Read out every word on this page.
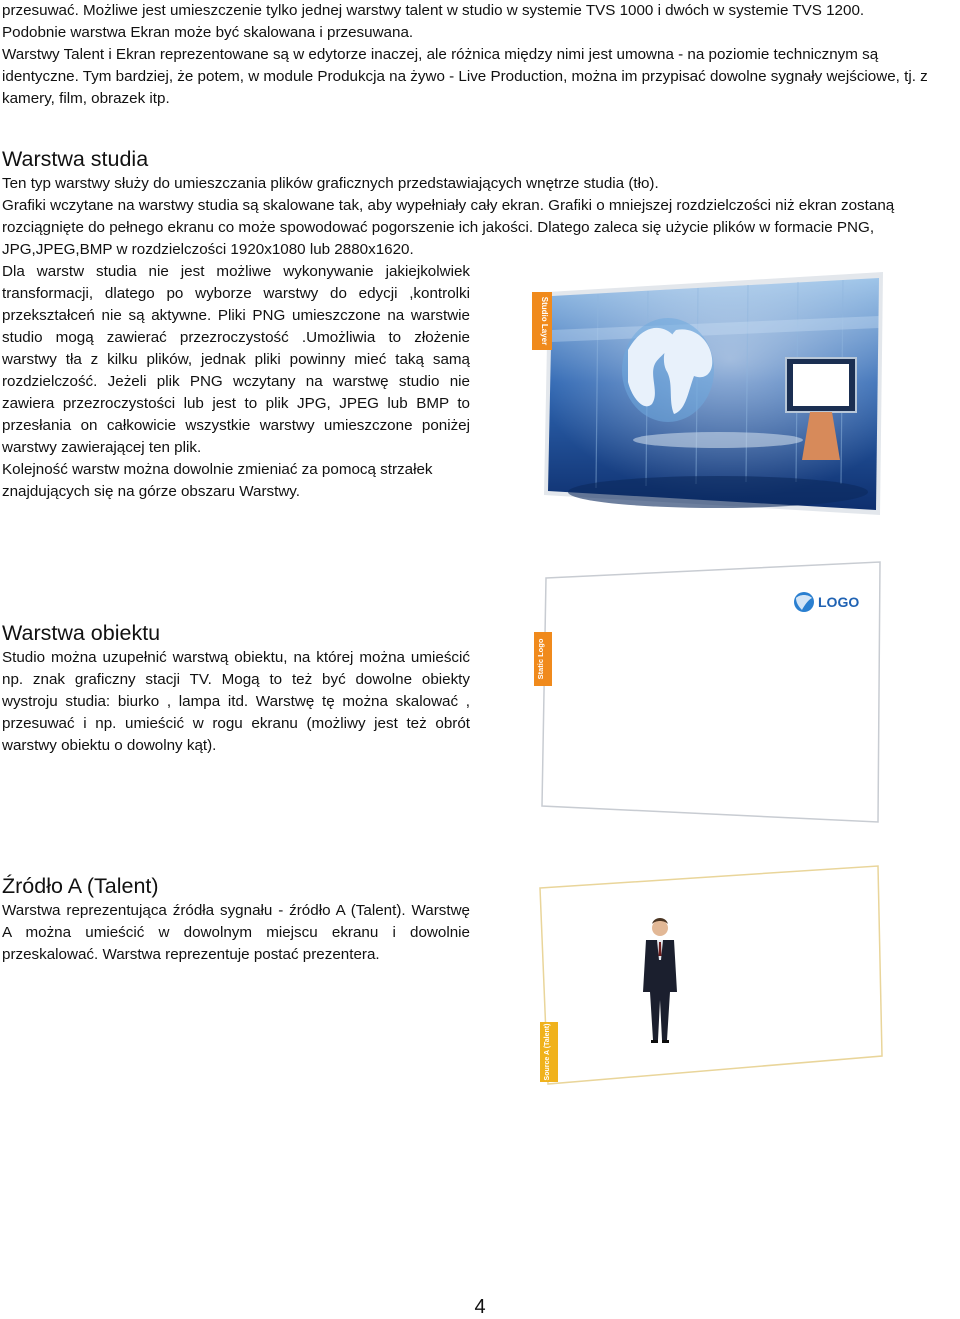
przesuwać. Możliwe jest umieszczenie tylko jednej warstwy talent w studio w systemie TVS 1000 i dwóch w systemie TVS 1200.

Podobnie warstwa Ekran może być skalowana i przesuwana.

Warstwy Talent i Ekran reprezentowane są w edytorze inaczej, ale różnica między nimi jest umowna - na poziomie technicznym są identyczne. Tym bardziej, że potem, w module Produkcja na żywo - Live Production, można im przypisać dowolne sygnały wejściowe, tj. z kamery, film, obrazek itp.

Warstwa studia

Ten typ warstwy służy do umieszczania plików graficznych przedstawiających wnętrze studia (tło).

Grafiki wczytane na warstwy studia są skalowane tak, aby wypełniały cały ekran. Grafiki o mniejszej rozdzielczości niż ekran zostaną rozciągnięte do pełnego ekranu co może spowodować pogorszenie ich jakości. Dlatego zaleca się użycie plików w formacie PNG, JPG,JPEG,BMP w rozdzielczości 1920x1080 lub 2880x1620.

Dla warstw studia nie jest możliwe wykonywanie jakiejkolwiek transformacji, dlatego po wyborze warstwy do edycji ,kontrolki przekształceń nie są aktywne. Pliki PNG umieszczone na warstwie studio mogą zawierać przezroczystość .Umożliwia to złożenie warstwy tła z kilku plików, jednak pliki powinny mieć taką samą rozdzielczość. Jeżeli plik PNG wczytany na warstwę studio nie zawiera przezroczystości lub jest to plik JPG, JPEG lub BMP to przesłania on całkowicie wszystkie warstwy umieszczone poniżej warstwy zawierającej ten plik.

Kolejność warstw można dowolnie zmieniać za pomocą strzałek znajdujących się na górze obszaru Warstwy.

Studio Layer
Warstwa obiektu

Studio można uzupełnić warstwą obiektu, na której można umieścić np. znak graficzny stacji TV. Mogą to też być dowolne obiekty wystroju studia: biurko , lampa itd. Warstwę tę można skalować , przesuwać i np. umieścić w rogu ekranu (możliwy jest też obrót warstwy obiektu o dowolny kąt).

LOGO
Static Logo
Źródło A (Talent)

Warstwa reprezentująca źródła sygnału - źródło A (Talent). Warstwę A można umieścić w dowolnym miejscu ekranu i dowolnie przeskalować. Warstwa reprezentuje postać prezentera.

Source A (Talent)
4
